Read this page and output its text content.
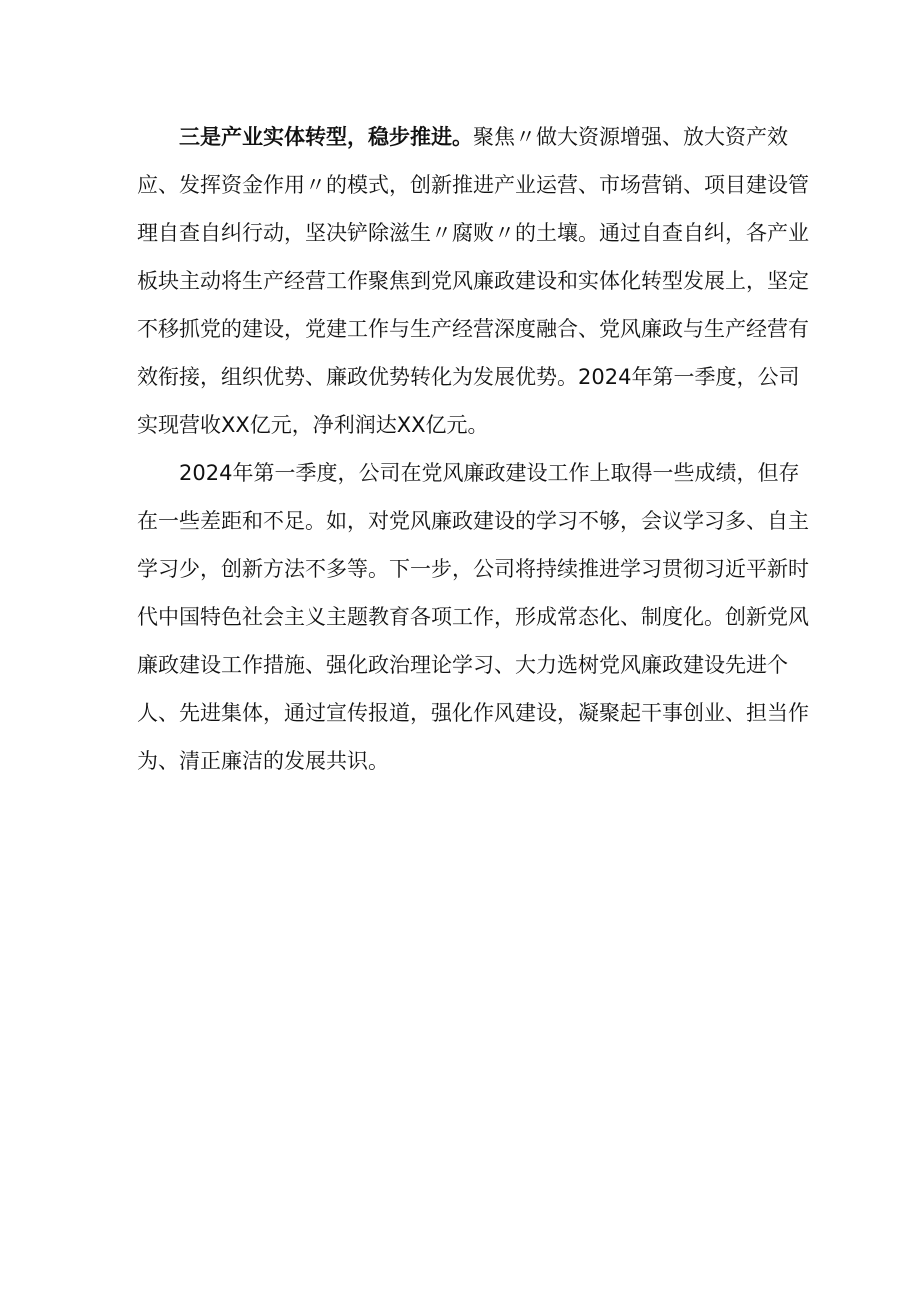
三是产业实体转型，稳步推进。聚焦〃做大资源增强、放大资产效
应、发挥资金作用〃的模式，创新推进产业运营、市场营销、项目建设管
理自查自纠行动，坚决铲除滋生〃腐败〃的土壤。通过自查自纠，各产业
板块主动将生产经营工作聚焦到党风廉政建设和实体化转型发展上，坚定
不移抓党的建设，党建工作与生产经营深度融合、党风廉政与生产经营有
效衔接，组织优势、廉政优势转化为发展优势。2024年第一季度，公司
实现营收XX亿元，净利润达XX亿元。

2024年第一季度，公司在党风廉政建设工作上取得一些成绩，但存
在一些差距和不足。如，对党风廉政建设的学习不够，会议学习多、自主
学习少，创新方法不多等。下一步，公司将持续推进学习贯彻习近平新时
代中国特色社会主义主题教育各项工作，形成常态化、制度化。创新党风
廉政建设工作措施、强化政治理论学习、大力选树党风廉政建设先进个
人、先进集体，通过宣传报道，强化作风建设，凝聚起干事创业、担当作
为、清正廉洁的发展共识。
